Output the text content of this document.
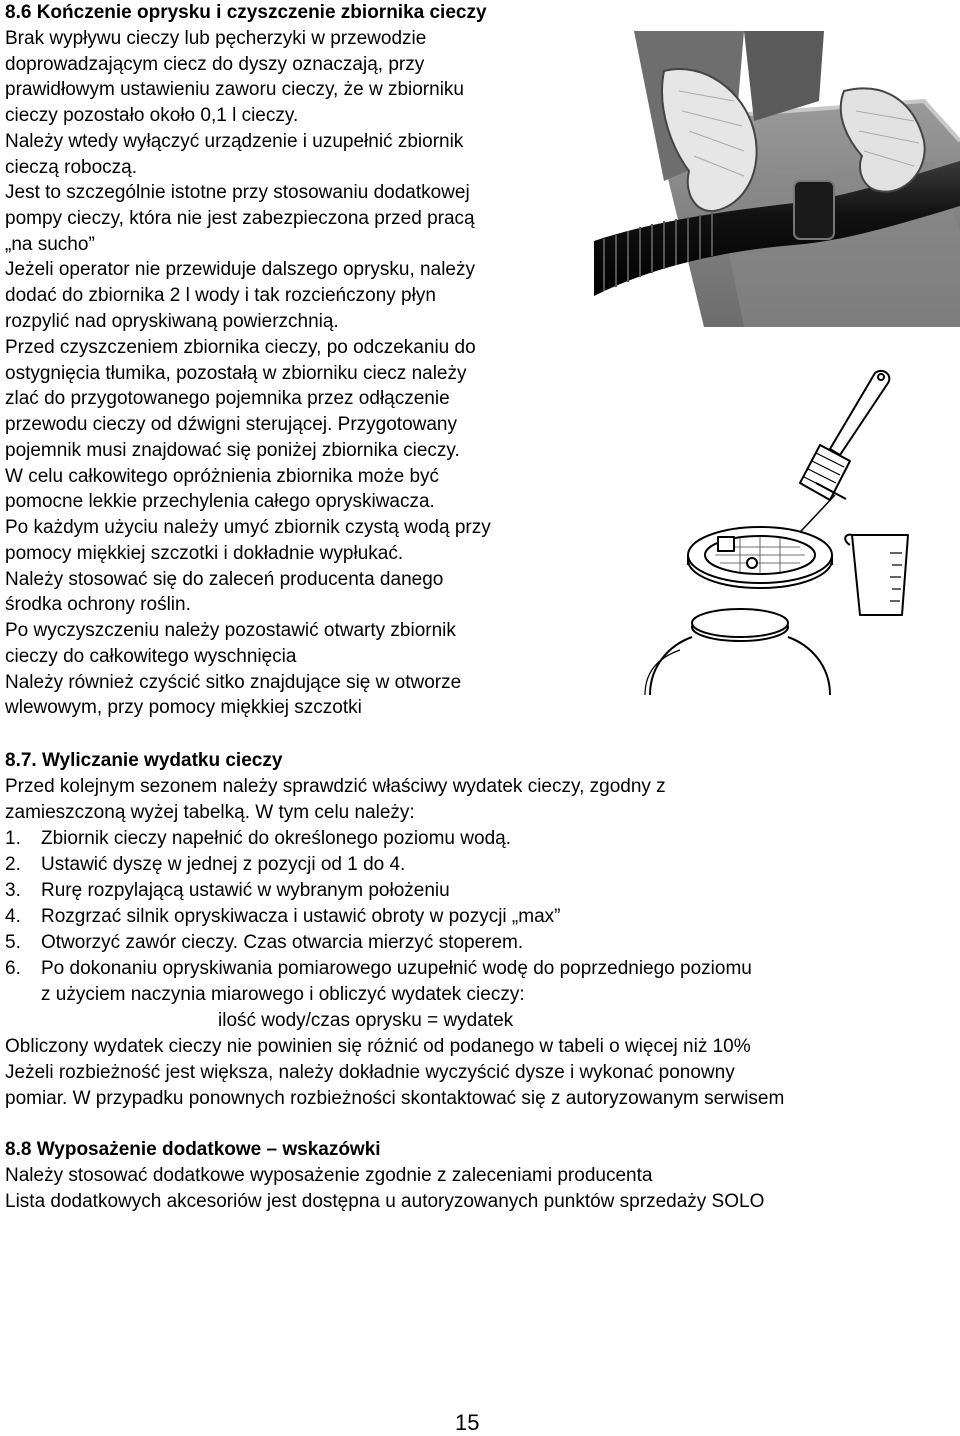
8.6 Kończenie oprysku i czyszczenie zbiornika cieczy
Brak wypływu cieczy lub pęcherzyki w przewodzie
doprowadzającym ciecz do dyszy oznaczają, przy
prawidłowym ustawieniu zaworu cieczy, że w zbiorniku
cieczy pozostało około 0,1 l cieczy.
Należy wtedy wyłączyć urządzenie i uzupełnić zbiornik
cieczą roboczą.
Jest to szczególnie istotne przy stosowaniu dodatkowej
pompy cieczy, która nie jest zabezpieczona przed pracą
„na sucho”
Jeżeli operator nie przewiduje dalszego oprysku, należy
dodać do zbiornika 2 l wody i tak rozcieńczony płyn
rozpylić nad opryskiwaną powierzchnią.
Przed czyszczeniem zbiornika cieczy, po odczekaniu do
ostygnięcia tłumika, pozostałą w zbiorniku ciecz należy
zlać do przygotowanego pojemnika przez odłączenie
przewodu cieczy od dźwigni sterującej. Przygotowany
pojemnik musi znajdować się poniżej zbiornika cieczy.
W celu całkowitego opróżnienia zbiornika może być
pomocne lekkie przechylenia całego opryskiwacza.
Po każdym użyciu należy umyć zbiornik czystą wodą przy
pomocy miękkiej szczotki i dokładnie wypłukać.
Należy stosować się do zaleceń producenta danego
środka ochrony roślin.
Po wyczyszczeniu należy pozostawić otwarty zbiornik
cieczy do całkowitego wyschnięcia
Należy również czyścić sitko znajdujące się w otworze
wlewowym, przy pomocy miękkiej szczotki
8.7. Wyliczanie wydatku cieczy
Przed kolejnym sezonem należy sprawdzić właściwy wydatek cieczy, zgodny z
zamieszczoną wyżej tabelką. W tym celu należy:
1. Zbiornik cieczy napełnić do określonego poziomu wodą.
2. Ustawić dyszę w jednej z pozycji od 1 do 4.
3. Rurę rozpylającą ustawić w wybranym położeniu
4. Rozgrzać silnik opryskiwacza i ustawić obroty w pozycji „max”
5. Otworzyć zawór cieczy. Czas otwarcia mierzyć stoperem.
6. Po dokonaniu opryskiwania pomiarowego uzupełnić wodę do poprzedniego poziomu
z użyciem naczynia miarowego i obliczyć wydatek cieczy:
ilość wody/czas oprysku = wydatek
Obliczony wydatek cieczy nie powinien się różnić od podanego w tabeli o więcej niż 10%
Jeżeli rozbieżność jest większa, należy dokładnie wyczyścić dysze i wykonać ponowny
pomiar. W przypadku ponownych rozbieżności skontaktować się z autoryzowanym serwisem
8.8 Wyposażenie dodatkowe – wskazówki
Należy stosować dodatkowe wyposażenie zgodnie z zaleceniami producenta
Lista dodatkowych akcesoriów jest dostępna u autoryzowanych punktów sprzedaży SOLO
15
